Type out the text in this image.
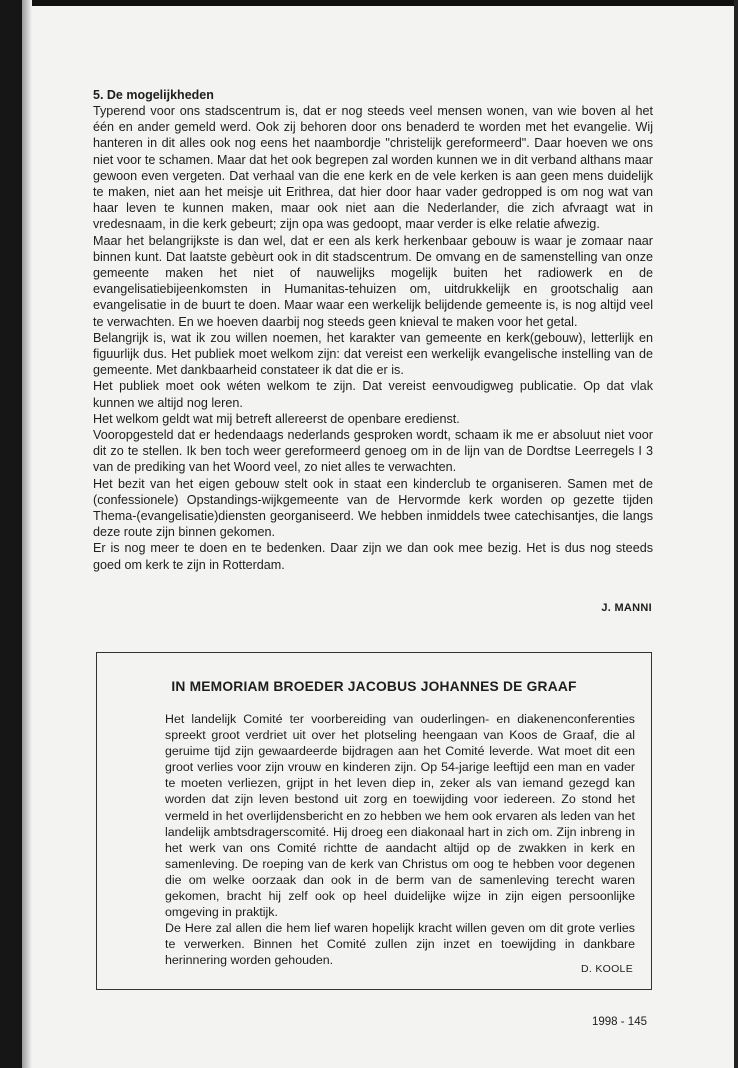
5. De mogelijkheden

Typerend voor ons stadscentrum is, dat er nog steeds veel mensen wonen, van wie boven al het één en ander gemeld werd. Ook zij behoren door ons benaderd te worden met het evangelie. Wij hanteren in dit alles ook nog eens het naambordje "christelijk gereformeerd". Daar hoeven we ons niet voor te schamen. Maar dat het ook begrepen zal worden kunnen we in dit verband althans maar gewoon even vergeten. Dat verhaal van die ene kerk en de vele kerken is aan geen mens duidelijk te maken, niet aan het meisje uit Erithrea, dat hier door haar vader gedropped is om nog wat van haar leven te kunnen maken, maar ook niet aan die Nederlander, die zich afvraagt wat in vredesnaam, in die kerk gebeurt; zijn opa was gedoopt, maar verder is elke relatie afwezig.

Maar het belangrijkste is dan wel, dat er een als kerk herkenbaar gebouw is waar je zomaar naar binnen kunt. Dat laatste gebèurt ook in dit stadscentrum. De omvang en de samenstelling van onze gemeente maken het niet of nauwelijks mogelijk buiten het radiowerk en de evangelisatiebijeenkomsten in Humanitas-tehuizen om, uitdrukkelijk en grootschalig aan evangelisatie in de buurt te doen. Maar waar een werkelijk belijdende gemeente is, is nog altijd veel te verwachten. En we hoeven daarbij nog steeds geen knieval te maken voor het getal.

Belangrijk is, wat ik zou willen noemen, het karakter van gemeente en kerk(gebouw), letterlijk en figuurlijk dus. Het publiek moet welkom zijn: dat vereist een werkelijk evangelische instelling van de gemeente. Met dankbaarheid constateer ik dat die er is.

Het publiek moet ook wéten welkom te zijn. Dat vereist eenvoudigweg publicatie. Op dat vlak kunnen we altijd nog leren.

Het welkom geldt wat mij betreft allereerst de openbare eredienst.

Vooropgesteld dat er hedendaags nederlands gesproken wordt, schaam ik me er absoluut niet voor dit zo te stellen. Ik ben toch weer gereformeerd genoeg om in de lijn van de Dordtse Leerregels I 3 van de prediking van het Woord veel, zo niet alles te verwachten.

Het bezit van het eigen gebouw stelt ook in staat een kinderclub te organiseren. Samen met de (confessionele) Opstandings-wijkgemeente van de Hervormde kerk worden op gezette tijden Thema-(evangelisatie)diensten georganiseerd. We hebben inmiddels twee catechisantjes, die langs deze route zijn binnen gekomen.

Er is nog meer te doen en te bedenken. Daar zijn we dan ook mee bezig. Het is dus nog steeds goed om kerk te zijn in Rotterdam.

J. MANNI
IN MEMORIAM BROEDER JACOBUS JOHANNES DE GRAAF

Het landelijk Comité ter voorbereiding van ouderlingen- en diakenenconferenties spreekt groot verdriet uit over het plotseling heengaan van Koos de Graaf, die al geruime tijd zijn gewaardeerde bijdragen aan het Comité leverde. Wat moet dit een groot verlies voor zijn vrouw en kinderen zijn. Op 54-jarige leeftijd een man en vader te moeten verliezen, grijpt in het leven diep in, zeker als van iemand gezegd kan worden dat zijn leven bestond uit zorg en toewijding voor iedereen. Zo stond het vermeld in het overlijdensbericht en zo hebben we hem ook ervaren als leden van het landelijk ambtsdragerscomité. Hij droeg een diakonaal hart in zich om. Zijn inbreng in het werk van ons Comité richtte de aandacht altijd op de zwakken in kerk en samenleving. De roeping van de kerk van Christus om oog te hebben voor degenen die om welke oorzaak dan ook in de berm van de samenleving terecht waren gekomen, bracht hij zelf ook op heel duidelijke wijze in zijn eigen persoonlijke omgeving in praktijk.

De Here zal allen die hem lief waren hopelijk kracht willen geven om dit grote verlies te verwerken. Binnen het Comité zullen zijn inzet en toewijding in dankbare herinnering worden gehouden.

D. KOOLE
1998 - 145
